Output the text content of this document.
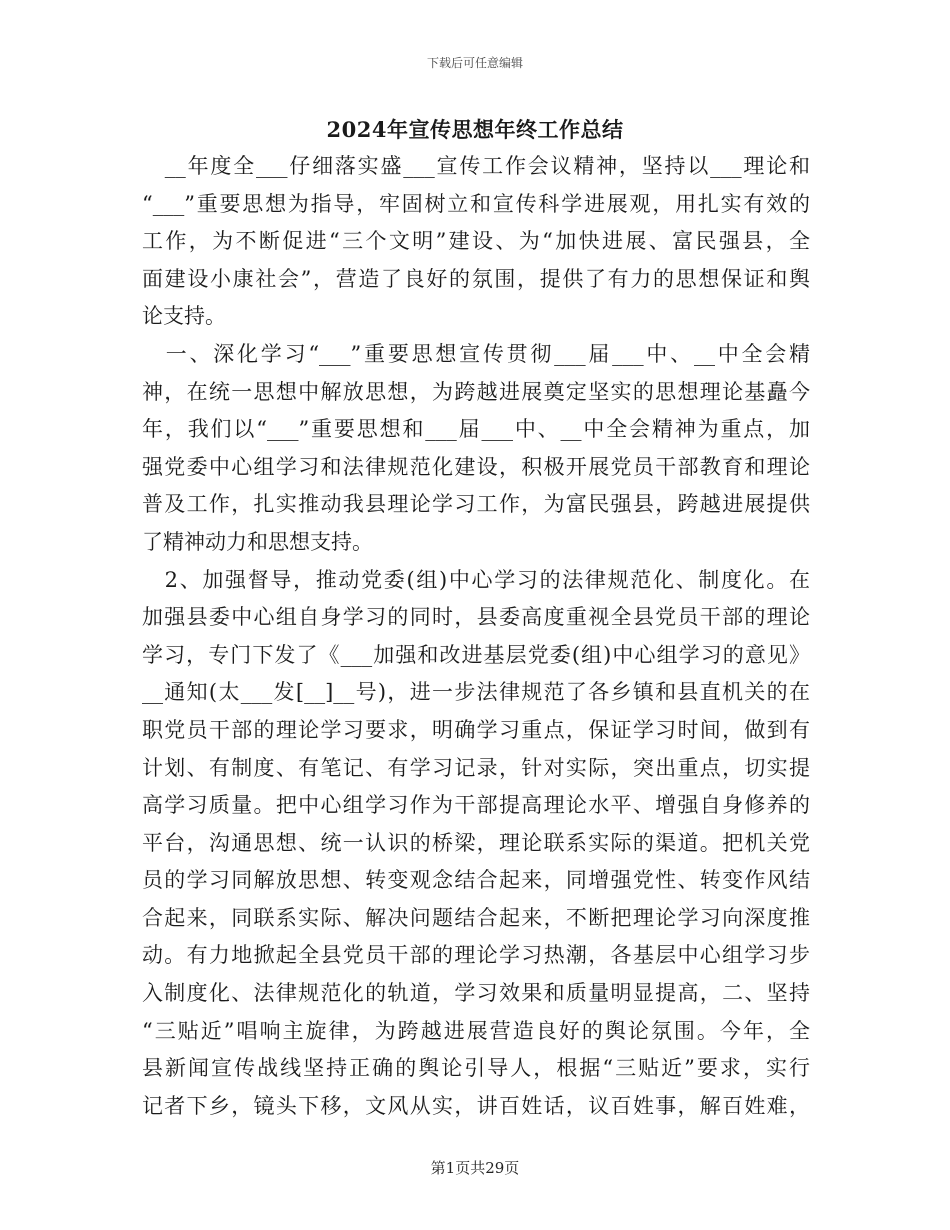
下载后可任意编辑
2024年宣传思想年终工作总结
　__年度全___仔细落实盛___宣传工作会议精神，坚持以___理论和
“___”重要思想为指导，牢固树立和宣传科学进展观，用扎实有效的
工作，为不断促进“三个文明”建设、为“加快进展、富民强县，全
面建设小康社会”，营造了良好的氛围，提供了有力的思想保证和舆
论支持。
　一、深化学习“___”重要思想宣传贯彻___届___中、__中全会精
神，在统一思想中解放思想，为跨越进展奠定坚实的思想理论基矗今
年，我们以“___”重要思想和___届___中、__中全会精神为重点，加
强党委中心组学习和法律规范化建设，积极开展党员干部教育和理论
普及工作，扎实推动我县理论学习工作，为富民强县，跨越进展提供
了精神动力和思想支持。
　2、加强督导，推动党委(组)中心学习的法律规范化、制度化。在
加强县委中心组自身学习的同时，县委高度重视全县党员干部的理论
学习，专门下发了《___加强和改进基层党委(组)中心组学习的意见》
__通知(太___发[__]__号)，进一步法律规范了各乡镇和县直机关的在
职党员干部的理论学习要求，明确学习重点，保证学习时间，做到有
计划、有制度、有笔记、有学习记录，针对实际，突出重点，切实提
高学习质量。把中心组学习作为干部提高理论水平、增强自身修养的
平台，沟通思想、统一认识的桥梁，理论联系实际的渠道。把机关党
员的学习同解放思想、转变观念结合起来，同增强党性、转变作风结
合起来，同联系实际、解决问题结合起来，不断把理论学习向深度推
动。有力地掀起全县党员干部的理论学习热潮，各基层中心组学习步
入制度化、法律规范化的轨道，学习效果和质量明显提高，二、坚持
“三贴近”唱响主旋律，为跨越进展营造良好的舆论氛围。今年，全
县新闻宣传战线坚持正确的舆论引导人，根据“三贴近”要求，实行
记者下乡，镜头下移，文风从实，讲百姓话，议百姓事，解百姓难，
第1页共29页
